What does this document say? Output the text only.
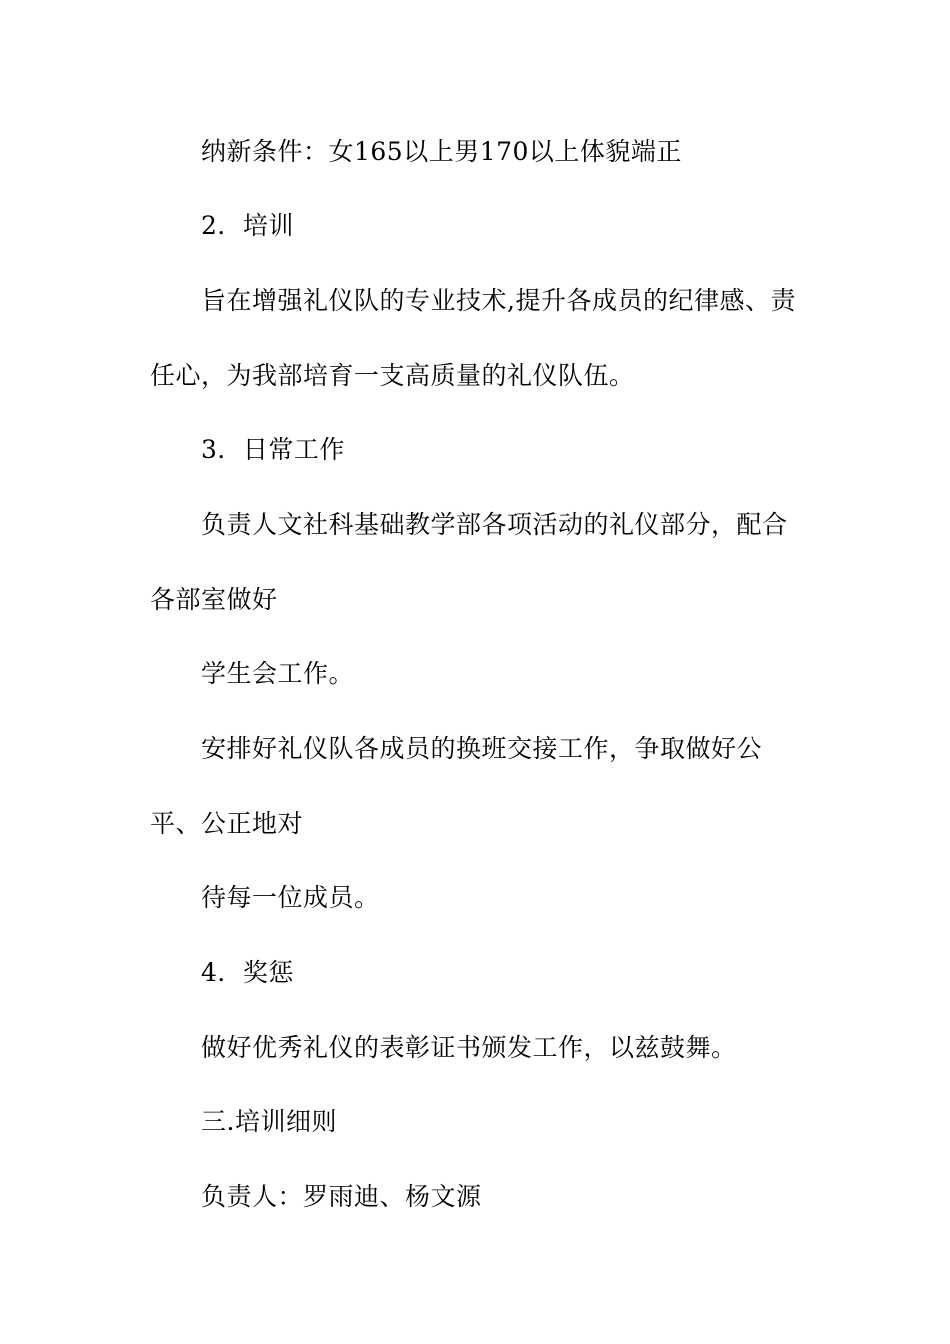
纳新条件：女165以上男170以上体貌端正
2．培训
旨在增强礼仪队的专业技术,提升各成员的纪律感、责
任心，为我部培育一支高质量的礼仪队伍。
3．日常工作
负责人文社科基础教学部各项活动的礼仪部分，配合
各部室做好
学生会工作。
安排好礼仪队各成员的换班交接工作，争取做好公
平、公正地对
待每一位成员。
4．奖惩
做好优秀礼仪的表彰证书颁发工作，以兹鼓舞。
三.培训细则
负责人：罗雨迪、杨文源
